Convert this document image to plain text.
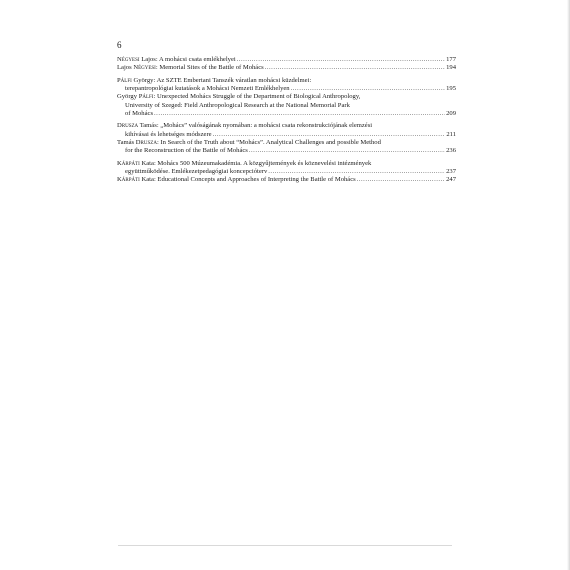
6
Négyesi Lajos: A mohácsi csata emlékhelyei .....	177
Lajos Négyesi: Memorial Sites of the Battle of Mohács .....	194
Pálfi György: Az SZTE Embertani Tanszék váratlan mohácsi küzdelmei:
terepantropológiai kutatások a Mohácsi Nemzeti Emlékhelyen .....	195
György Pálfi: Unexpected Mohács Struggle of the Department of Biological Anthropology,
University of Szeged: Field Anthropological Research at the National Memorial Park
of Mohács .....	209
Drusza Tamás: „Mohács” valóságának nyomában: a mohácsi csata rekonstrukciójának elemzési
kihívásai és lehetséges módszere .....	211
Tamás Drusza: In Search of the Truth about “Mohács”. Analytical Challenges and possible Method
for the Reconstruction of the Battle of Mohács .....	236
Kárpáti Kata: Mohács 500 Múzeumakadémia. A közgyűjtemények és köznevelési intézmények
együttműködése. Emlékezetpedagógiai koncepcióterv .....	237
Kárpáti Kata: Educational Concepts and Approaches of Interpreting the Battle of Mohács .....	247
